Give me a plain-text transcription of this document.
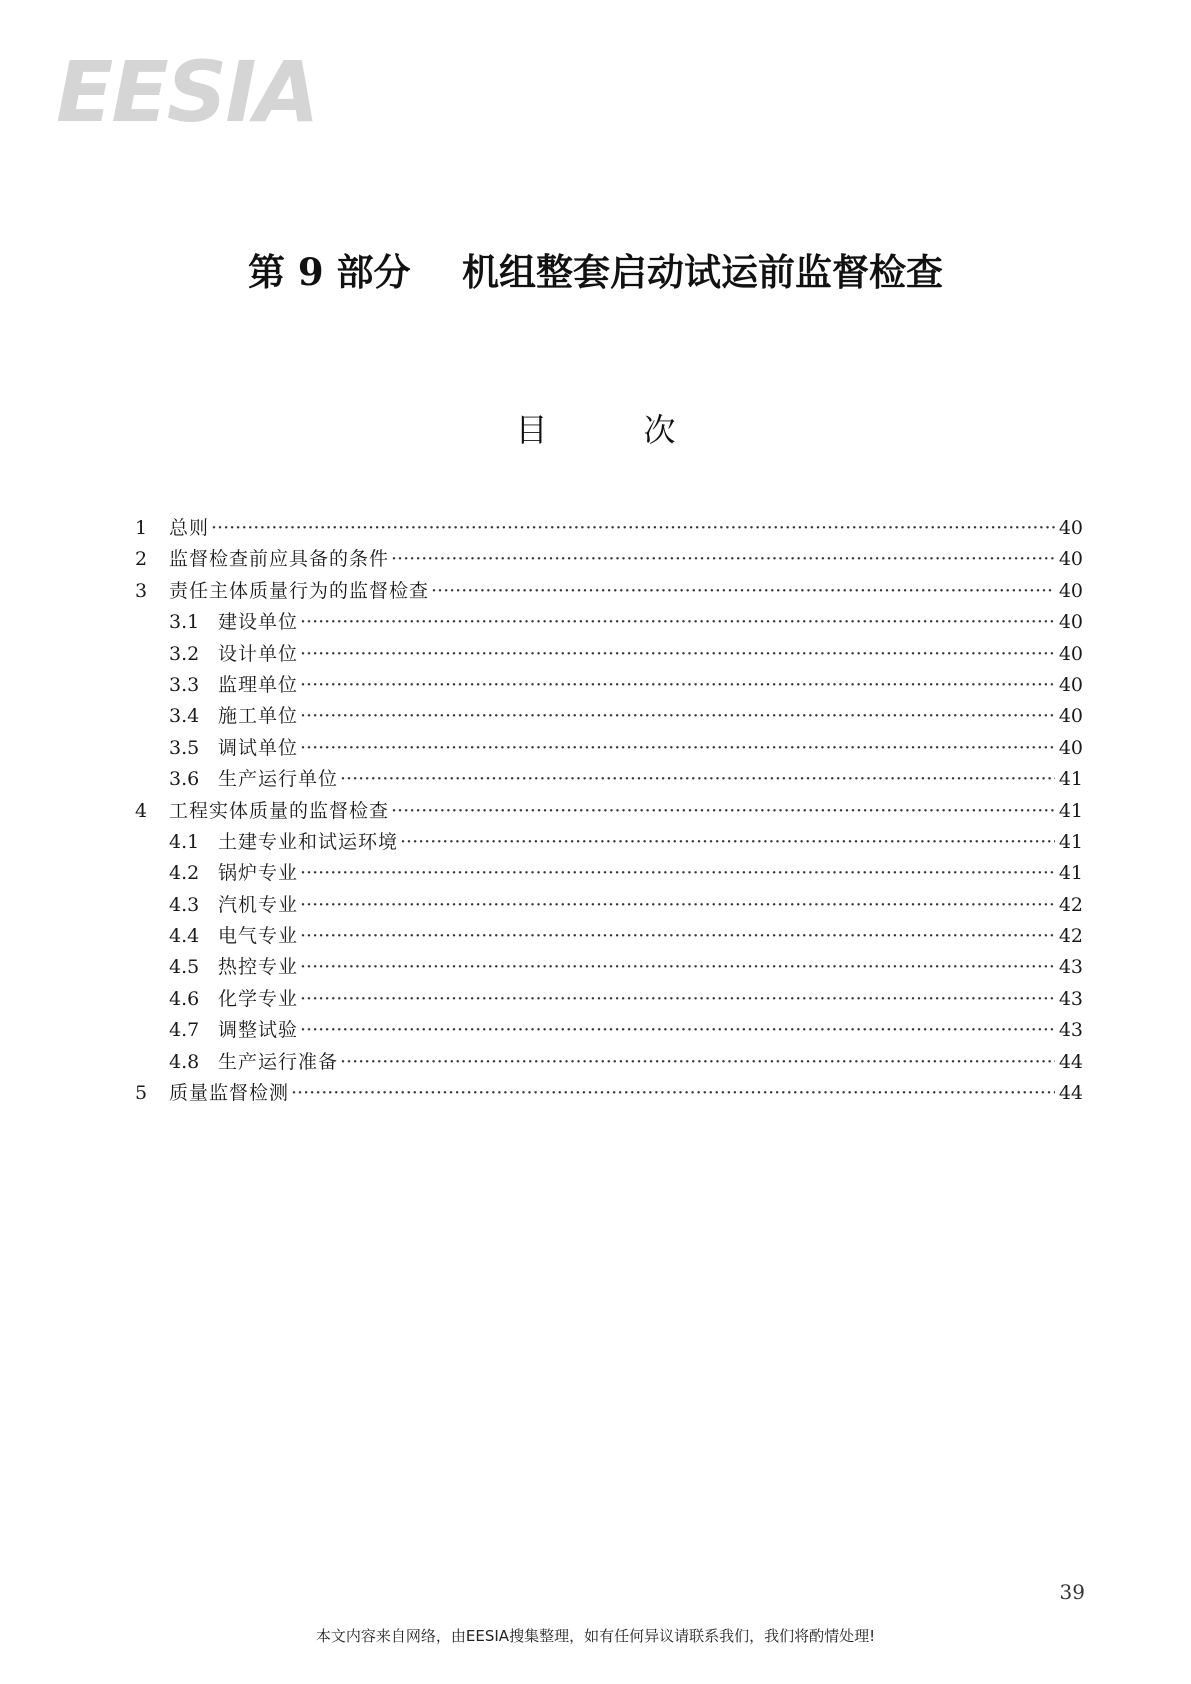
EESIA
第 9 部分    机组整套启动试运前监督检查
目	次
1	总则 ·····	40
2	监督检查前应具备的条件 ·····	40
3	责任主体质量行为的监督检查 ·····	40
3.1 建设单位 ·····	40
3.2 设计单位 ·····	40
3.3 监理单位 ·····	40
3.4 施工单位 ·····	40
3.5 调试单位 ·····	40
3.6 生产运行单位 ·····	41
4	工程实体质量的监督检查 ·····	41
4.1 土建专业和试运环境 ·····	41
4.2 锅炉专业 ·····	41
4.3 汽机专业 ·····	42
4.4 电气专业 ·····	42
4.5 热控专业 ·····	43
4.6 化学专业 ·····	43
4.7 调整试验 ·····	43
4.8 生产运行准备 ·····	44
5	质量监督检测 ·····	44
39
本文内容来自网络，由EESIA搜集整理，如有任何异议请联系我们，我们将酌情处理!
